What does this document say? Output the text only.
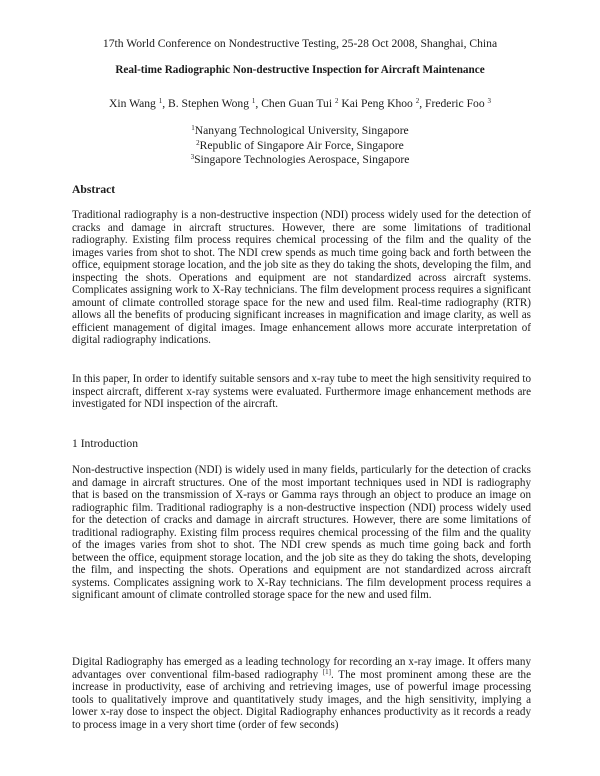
17th World Conference on Nondestructive Testing, 25-28 Oct 2008, Shanghai, China
Real-time Radiographic Non-destructive Inspection for Aircraft Maintenance
Xin Wang $^1$, B. Stephen Wong $^1$, Chen Guan Tui $^2$ Kai Peng Khoo $^2$, Frederic Foo $^3$
$^1$Nanyang Technological University, Singapore
$^2$Republic of Singapore Air Force, Singapore
$^3$Singapore Technologies Aerospace, Singapore
Abstract

Traditional radiography is a non-destructive inspection (NDI) process widely used for the detection of cracks and damage in aircraft structures. However, there are some limitations of traditional radiography. Existing film process requires chemical processing of the film and the quality of the images varies from shot to shot. The NDI crew spends as much time going back and forth between the office, equipment storage location, and the job site as they do taking the shots, developing the film, and inspecting the shots. Operations and equipment are not standardized across aircraft systems. Complicates assigning work to X-Ray technicians. The film development process requires a significant amount of climate controlled storage space for the new and used film. Real-time radiography (RTR) allows all the benefits of producing significant increases in magnification and image clarity, as well as efficient management of digital images. Image enhancement allows more accurate interpretation of digital radiography indications.

In this paper, In order to identify suitable sensors and x-ray tube to meet the high sensitivity required to inspect aircraft, different x-ray systems were evaluated. Furthermore image enhancement methods are investigated for NDI inspection of the aircraft.

1 Introduction

Non-destructive inspection (NDI) is widely used in many fields, particularly for the detection of cracks and damage in aircraft structures. One of the most important techniques used in NDI is radiography that is based on the transmission of X-rays or Gamma rays through an object to produce an image on radiographic film. Traditional radiography is a non-destructive inspection (NDI) process widely used for the detection of cracks and damage in aircraft structures. However, there are some limitations of traditional radiography. Existing film process requires chemical processing of the film and the quality of the images varies from shot to shot. The NDI crew spends as much time going back and forth between the office, equipment storage location, and the job site as they do taking the shots, developing the film, and inspecting the shots. Operations and equipment are not standardized across aircraft systems. Complicates assigning work to X-Ray technicians. The film development process requires a significant amount of climate controlled storage space for the new and used film.

Digital Radiography has emerged as a leading technology for recording an x-ray image. It offers many advantages over conventional film-based radiography [1]. The most prominent among these are the increase in productivity, ease of archiving and retrieving images, use of powerful image processing tools to qualitatively improve and quantitatively study images, and the high sensitivity, implying a lower x-ray dose to inspect the object. Digital Radiography enhances productivity as it records a ready to process image in a very short time (order of few seconds)
